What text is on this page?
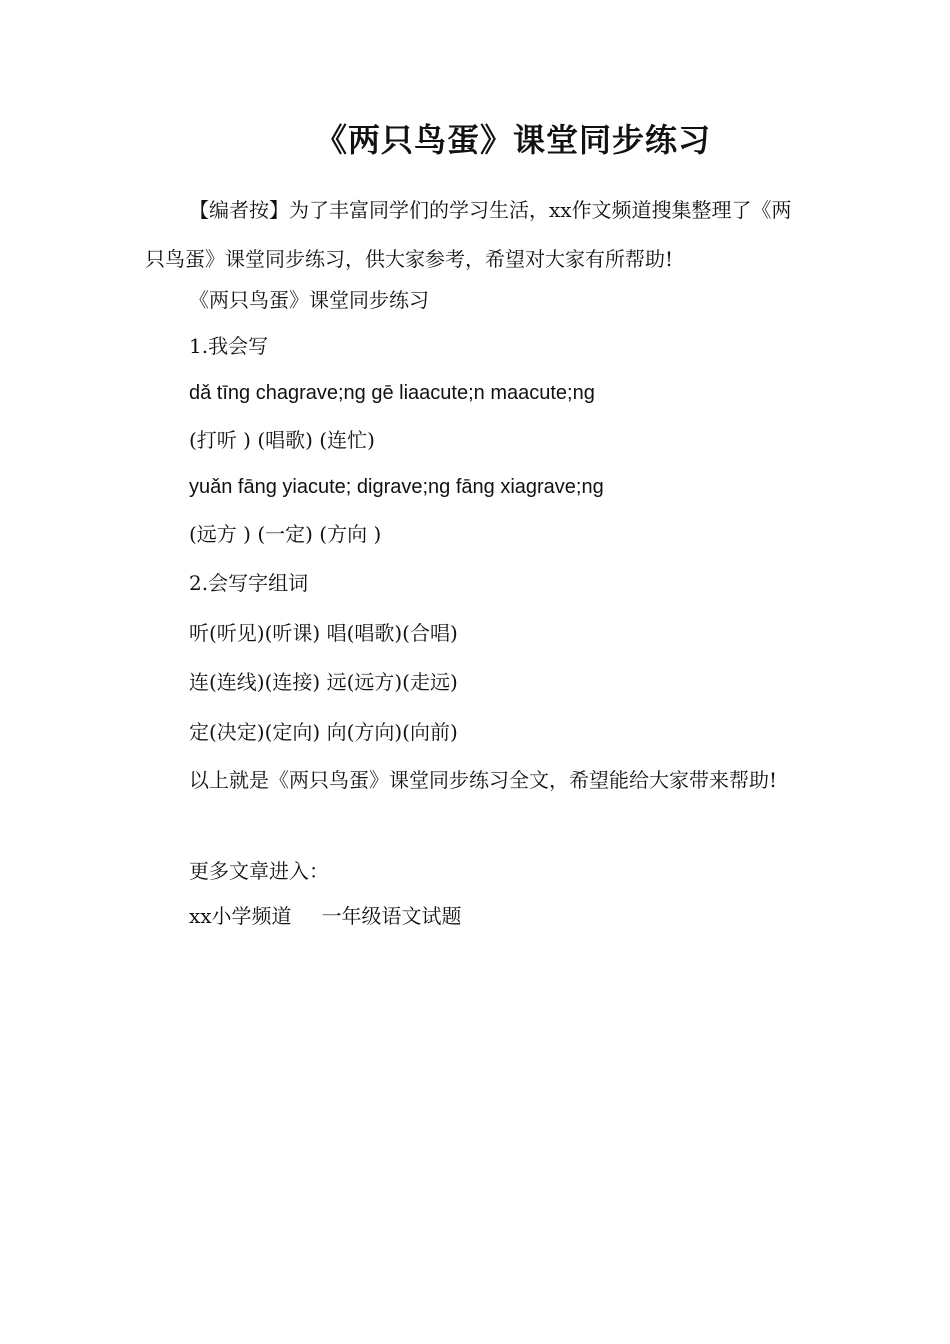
《两只鸟蛋》课堂同步练习
【编者按】为了丰富同学们的学习生活，xx作文频道搜集整理了《两只鸟蛋》课堂同步练习，供大家参考，希望对大家有所帮助!
《两只鸟蛋》课堂同步练习
1.我会写
dǎ tīng chagrave;ng gē liaacute;n maacute;ng
(打听 ) (唱歌) (连忙)
yuǎn fāng yiacute; digrave;ng fāng xiagrave;ng
(远方 ) (一定) (方向 )
2.会写字组词
听(听见)(听课) 唱(唱歌)(合唱)
连(连线)(连接) 远(远方)(走远)
定(决定)(定向) 向(方向)(向前)
以上就是《两只鸟蛋》课堂同步练习全文，希望能给大家带来帮助!
更多文章进入：
xx小学频道 一年级语文试题
